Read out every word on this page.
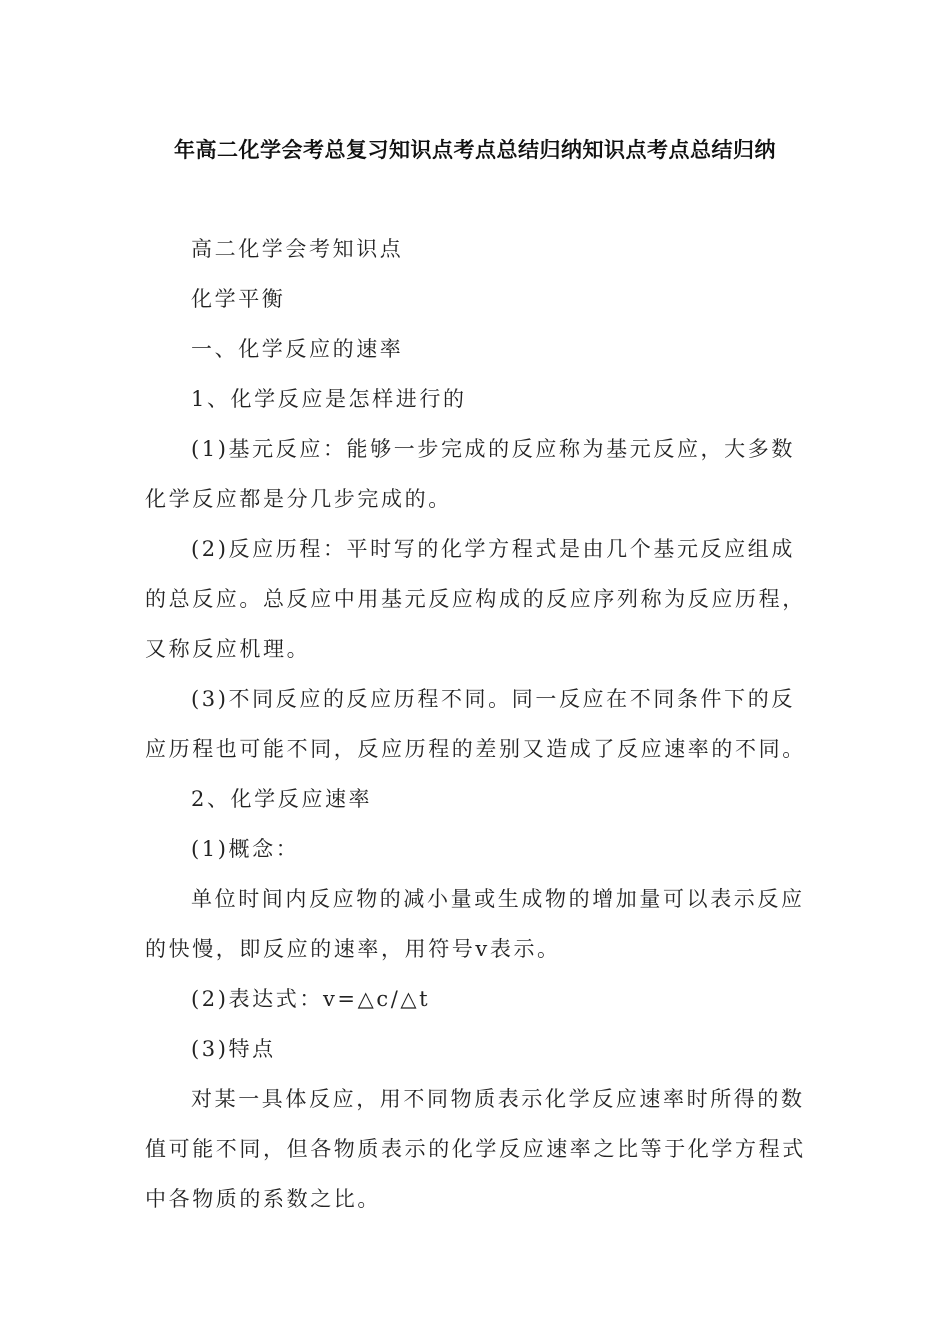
年高二化学会考总复习知识点考点总结归纳知识点考点总结归纳

高二化学会考知识点

化学平衡

一、化学反应的速率

1、化学反应是怎样进行的

(1)基元反应：能够一步完成的反应称为基元反应，大多数化学反应都是分几步完成的。

(2)反应历程：平时写的化学方程式是由几个基元反应组成的总反应。总反应中用基元反应构成的反应序列称为反应历程，又称反应机理。

(3)不同反应的反应历程不同。同一反应在不同条件下的反应历程也可能不同，反应历程的差别又造成了反应速率的不同。

2、化学反应速率

(1)概念：

单位时间内反应物的减小量或生成物的增加量可以表示反应的快慢，即反应的速率，用符号v表示。

(2)表达式：v=△c/△t

(3)特点

对某一具体反应，用不同物质表示化学反应速率时所得的数值可能不同，但各物质表示的化学反应速率之比等于化学方程式中各物质的系数之比。
